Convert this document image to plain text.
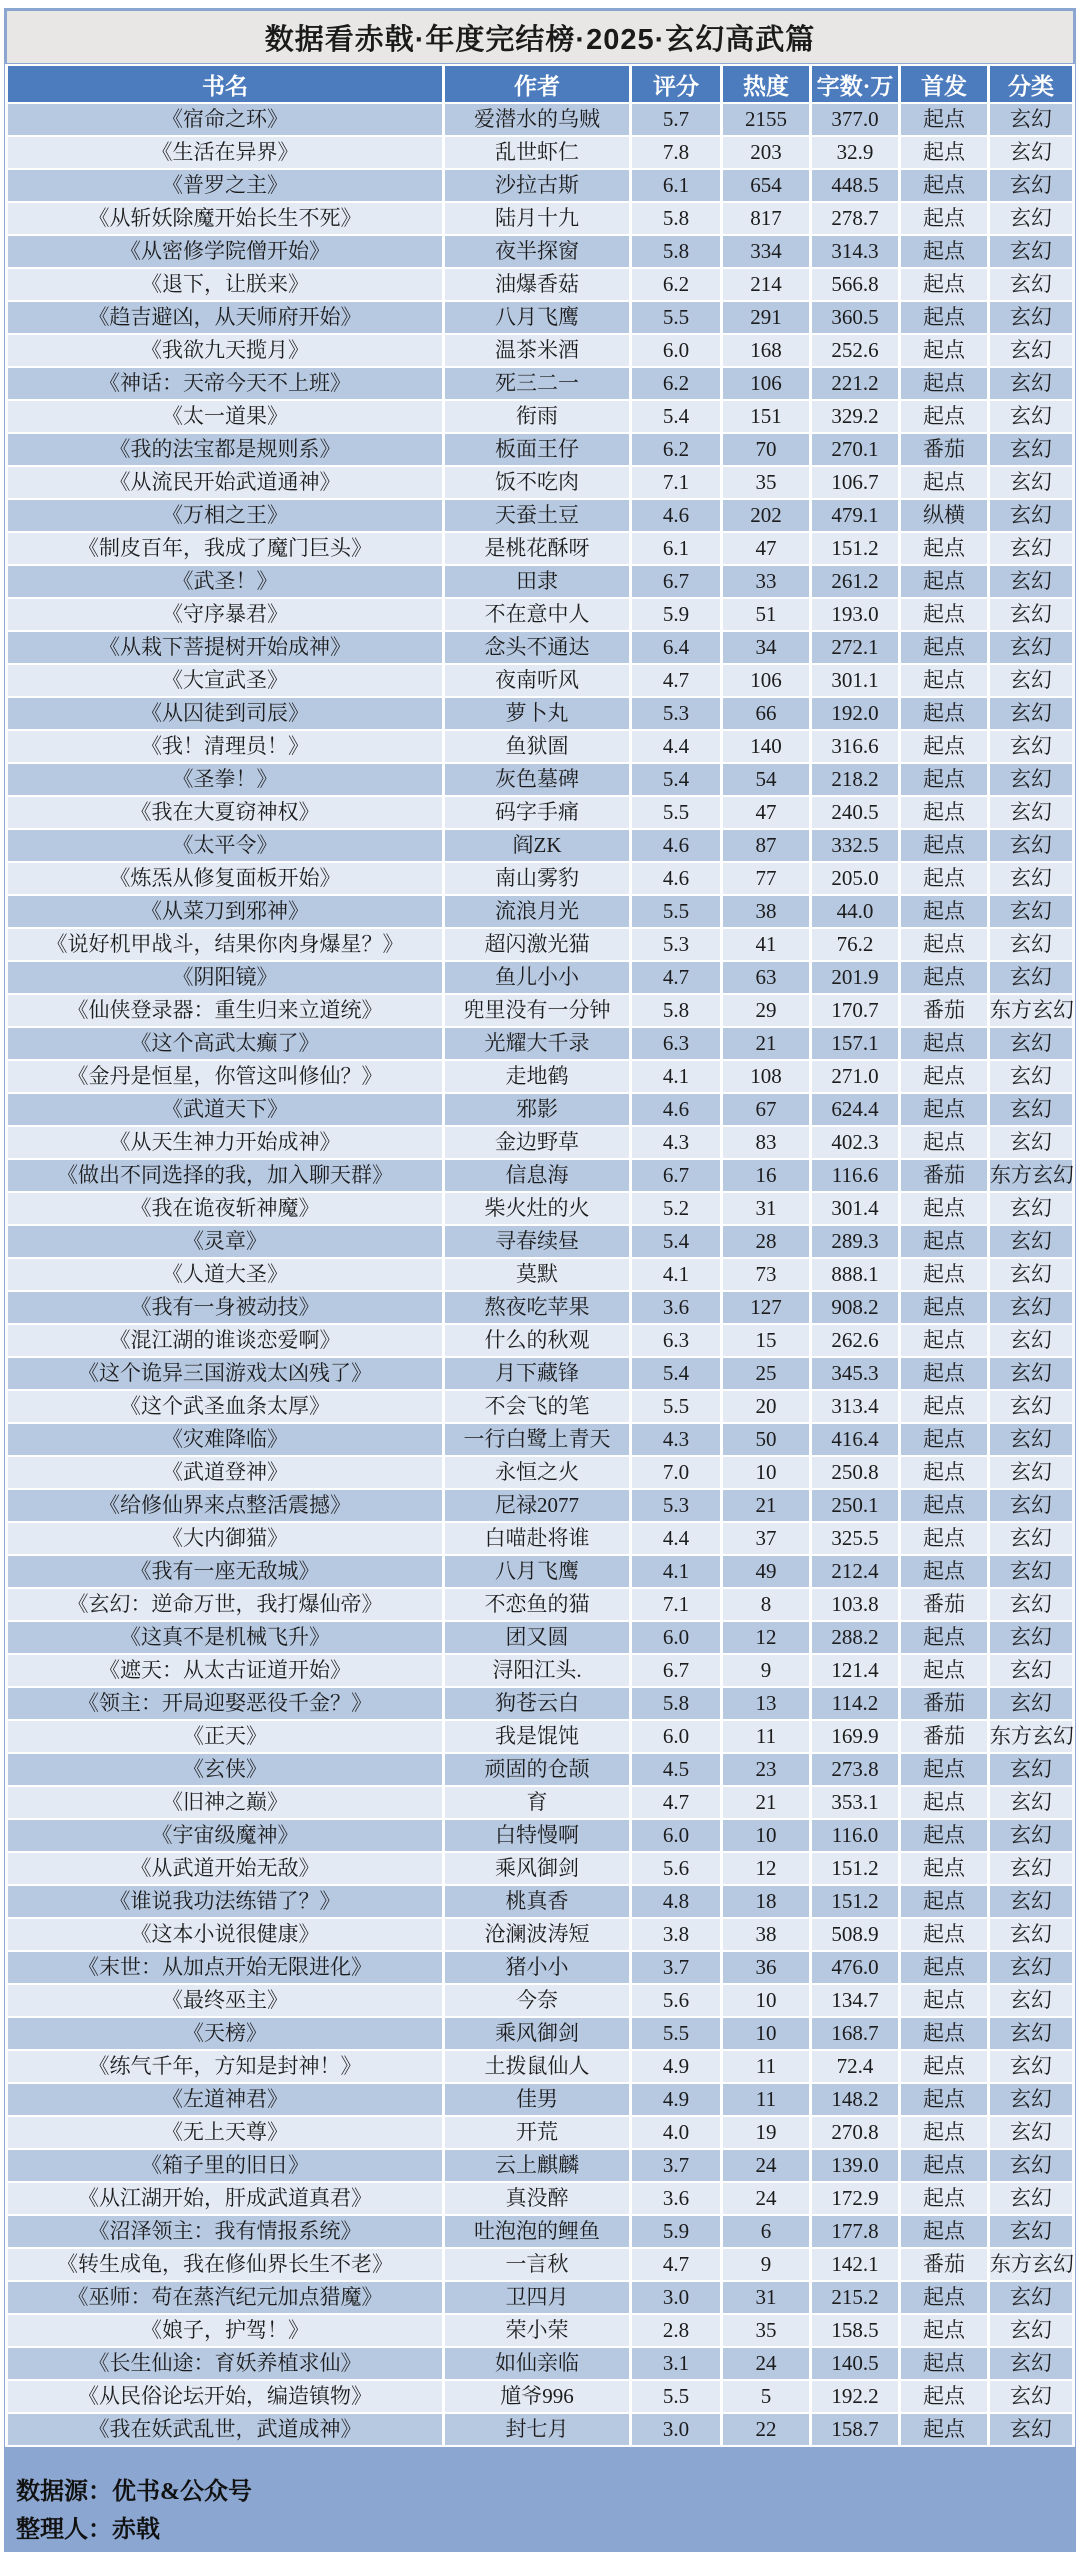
数据看赤戟·年度完结榜·2025·玄幻高武篇
书名	作者	评分	热度	字数·万	首发	分类
《宿命之环》	爱潜水的乌贼	5.7	2155	377.0	起点	玄幻
《生活在异界》	乱世虾仁	7.8	203	32.9	起点	玄幻
《普罗之主》	沙拉古斯	6.1	654	448.5	起点	玄幻
《从斩妖除魔开始长生不死》	陆月十九	5.8	817	278.7	起点	玄幻
《从密修学院僧开始》	夜半探窗	5.8	334	314.3	起点	玄幻
《退下，让朕来》	油爆香菇	6.2	214	566.8	起点	玄幻
《趋吉避凶，从天师府开始》	八月飞鹰	5.5	291	360.5	起点	玄幻
《我欲九天揽月》	温茶米酒	6.0	168	252.6	起点	玄幻
《神话：天帝今天不上班》	死三二一	6.2	106	221.2	起点	玄幻
《太一道果》	衔雨	5.4	151	329.2	起点	玄幻
《我的法宝都是规则系》	板面王仔	6.2	70	270.1	番茄	玄幻
《从流民开始武道通神》	饭不吃肉	7.1	35	106.7	起点	玄幻
《万相之王》	天蚕土豆	4.6	202	479.1	纵横	玄幻
《制皮百年，我成了魔门巨头》	是桃花酥呀	6.1	47	151.2	起点	玄幻
《武圣！》	田隶	6.7	33	261.2	起点	玄幻
《守序暴君》	不在意中人	5.9	51	193.0	起点	玄幻
《从栽下菩提树开始成神》	念头不通达	6.4	34	272.1	起点	玄幻
《大宣武圣》	夜南听风	4.7	106	301.1	起点	玄幻
《从囚徒到司辰》	萝卜丸	5.3	66	192.0	起点	玄幻
《我！清理员！》	鱼狱圄	4.4	140	316.6	起点	玄幻
《圣拳！》	灰色墓碑	5.4	54	218.2	起点	玄幻
《我在大夏窃神权》	码字手痛	5.5	47	240.5	起点	玄幻
《太平令》	阎ZK	4.6	87	332.5	起点	玄幻
《炼炁从修复面板开始》	南山雾豹	4.6	77	205.0	起点	玄幻
《从菜刀到邪神》	流浪月光	5.5	38	44.0	起点	玄幻
《说好机甲战斗，结果你肉身爆星？》	超闪激光猫	5.3	41	76.2	起点	玄幻
《阴阳镜》	鱼儿小小	4.7	63	201.9	起点	玄幻
《仙侠登录器：重生归来立道统》	兜里没有一分钟	5.8	29	170.7	番茄	东方玄幻
《这个高武太癫了》	光耀大千录	6.3	21	157.1	起点	玄幻
《金丹是恒星，你管这叫修仙？》	走地鹤	4.1	108	271.0	起点	玄幻
《武道天下》	邪影	4.6	67	624.4	起点	玄幻
《从天生神力开始成神》	金边野草	4.3	83	402.3	起点	玄幻
《做出不同选择的我，加入聊天群》	信息海	6.7	16	116.6	番茄	东方玄幻
《我在诡夜斩神魔》	柴火灶的火	5.2	31	301.4	起点	玄幻
《灵章》	寻春续昼	5.4	28	289.3	起点	玄幻
《人道大圣》	莫默	4.1	73	888.1	起点	玄幻
《我有一身被动技》	熬夜吃苹果	3.6	127	908.2	起点	玄幻
《混江湖的谁谈恋爱啊》	什么的秋观	6.3	15	262.6	起点	玄幻
《这个诡异三国游戏太凶残了》	月下藏锋	5.4	25	345.3	起点	玄幻
《这个武圣血条太厚》	不会飞的笔	5.5	20	313.4	起点	玄幻
《灾难降临》	一行白鹭上青天	4.3	50	416.4	起点	玄幻
《武道登神》	永恒之火	7.0	10	250.8	起点	玄幻
《给修仙界来点整活震撼》	尼禄2077	5.3	21	250.1	起点	玄幻
《大内御猫》	白喵赴将谁	4.4	37	325.5	起点	玄幻
《我有一座无敌城》	八月飞鹰	4.1	49	212.4	起点	玄幻
《玄幻：逆命万世，我打爆仙帝》	不恋鱼的猫	7.1	8	103.8	番茄	玄幻
《这真不是机械飞升》	团又圆	6.0	12	288.2	起点	玄幻
《遮天：从太古证道开始》	浔阳江头.	6.7	9	121.4	起点	玄幻
《领主：开局迎娶恶役千金？》	狗苍云白	5.8	13	114.2	番茄	玄幻
《正天》	我是馄饨	6.0	11	169.9	番茄	东方玄幻
《玄侠》	顽固的仓颉	4.5	23	273.8	起点	玄幻
《旧神之巅》	育	4.7	21	353.1	起点	玄幻
《宇宙级魔神》	白特慢啊	6.0	10	116.0	起点	玄幻
《从武道开始无敌》	乘风御剑	5.6	12	151.2	起点	玄幻
《谁说我功法练错了？》	桃真香	4.8	18	151.2	起点	玄幻
《这本小说很健康》	沧澜波涛短	3.8	38	508.9	起点	玄幻
《末世：从加点开始无限进化》	猪小小	3.7	36	476.0	起点	玄幻
《最终巫主》	今奈	5.6	10	134.7	起点	玄幻
《天榜》	乘风御剑	5.5	10	168.7	起点	玄幻
《练气千年，方知是封神！》	土拨鼠仙人	4.9	11	72.4	起点	玄幻
《左道神君》	佳男	4.9	11	148.2	起点	玄幻
《无上天尊》	开荒	4.0	19	270.8	起点	玄幻
《箱子里的旧日》	云上麒麟	3.7	24	139.0	起点	玄幻
《从江湖开始，肝成武道真君》	真没醉	3.6	24	172.9	起点	玄幻
《沼泽领主：我有情报系统》	吐泡泡的鲤鱼	5.9	6	177.8	起点	玄幻
《转生成龟，我在修仙界长生不老》	一言秋	4.7	9	142.1	番茄	东方玄幻
《巫师：苟在蒸汽纪元加点猎魔》	卫四月	3.0	31	215.2	起点	玄幻
《娘子，护驾！》	荣小荣	2.8	35	158.5	起点	玄幻
《长生仙途：育妖养植求仙》	如仙亲临	3.1	24	140.5	起点	玄幻
《从民俗论坛开始，编造镇物》	馗爷996	5.5	5	192.2	起点	玄幻
《我在妖武乱世，武道成神》	封七月	3.0	22	158.7	起点	玄幻
数据源：优书&公众号
整理人：赤戟
